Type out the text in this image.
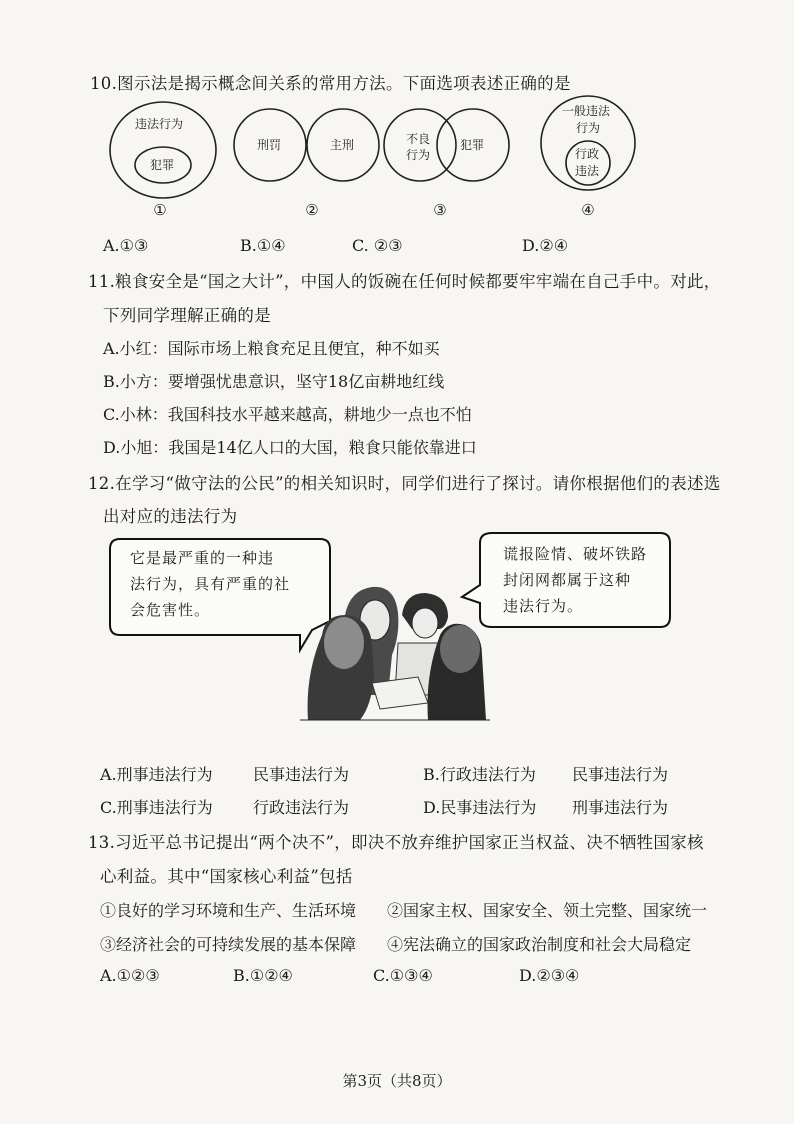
10.图示法是揭示概念间关系的常用方法。下面选项表述正确的是
违法行为
犯罪
刑罚	主刑	不良
行为
犯罪
一般违法
行为
行政
违法
①	②	③	④
A.①③	B.①④	C. ②③	D.②④
11.粮食安全是“国之大计”，中国人的饭碗在任何时候都要牢牢端在自己手中。对此，
下列同学理解正确的是
A.小红：国际市场上粮食充足且便宜，种不如买
B.小方：要增强忧患意识，坚守18亿亩耕地红线
C.小林：我国科技水平越来越高，耕地少一点也不怕
D.小旭：我国是14亿人口的大国，粮食只能依靠进口
12.在学习“做守法的公民”的相关知识时，同学们进行了探讨。请你根据他们的表述选
出对应的违法行为
它是最严重的一种违
法行为，具有严重的社
会危害性。
谎报险情、破坏铁路
封闭网都属于这种
违法行为。
A.刑事违法行为	民事违法行为	B.行政违法行为 民事违法行为
C.刑事违法行为	行政违法行为	D.民事违法行为 刑事违法行为
13.习近平总书记提出“两个决不”，即决不放弃维护国家正当权益、决不牺牲国家核
心利益。其中“国家核心利益”包括
①良好的学习环境和生产、生活环境 ②国家主权、国家安全、领土完整、国家统一
③经济社会的可持续发展的基本保障 ④宪法确立的国家政治制度和社会大局稳定
A.①②③	B.①②④	C.①③④	D.②③④
第3页（共8页）
